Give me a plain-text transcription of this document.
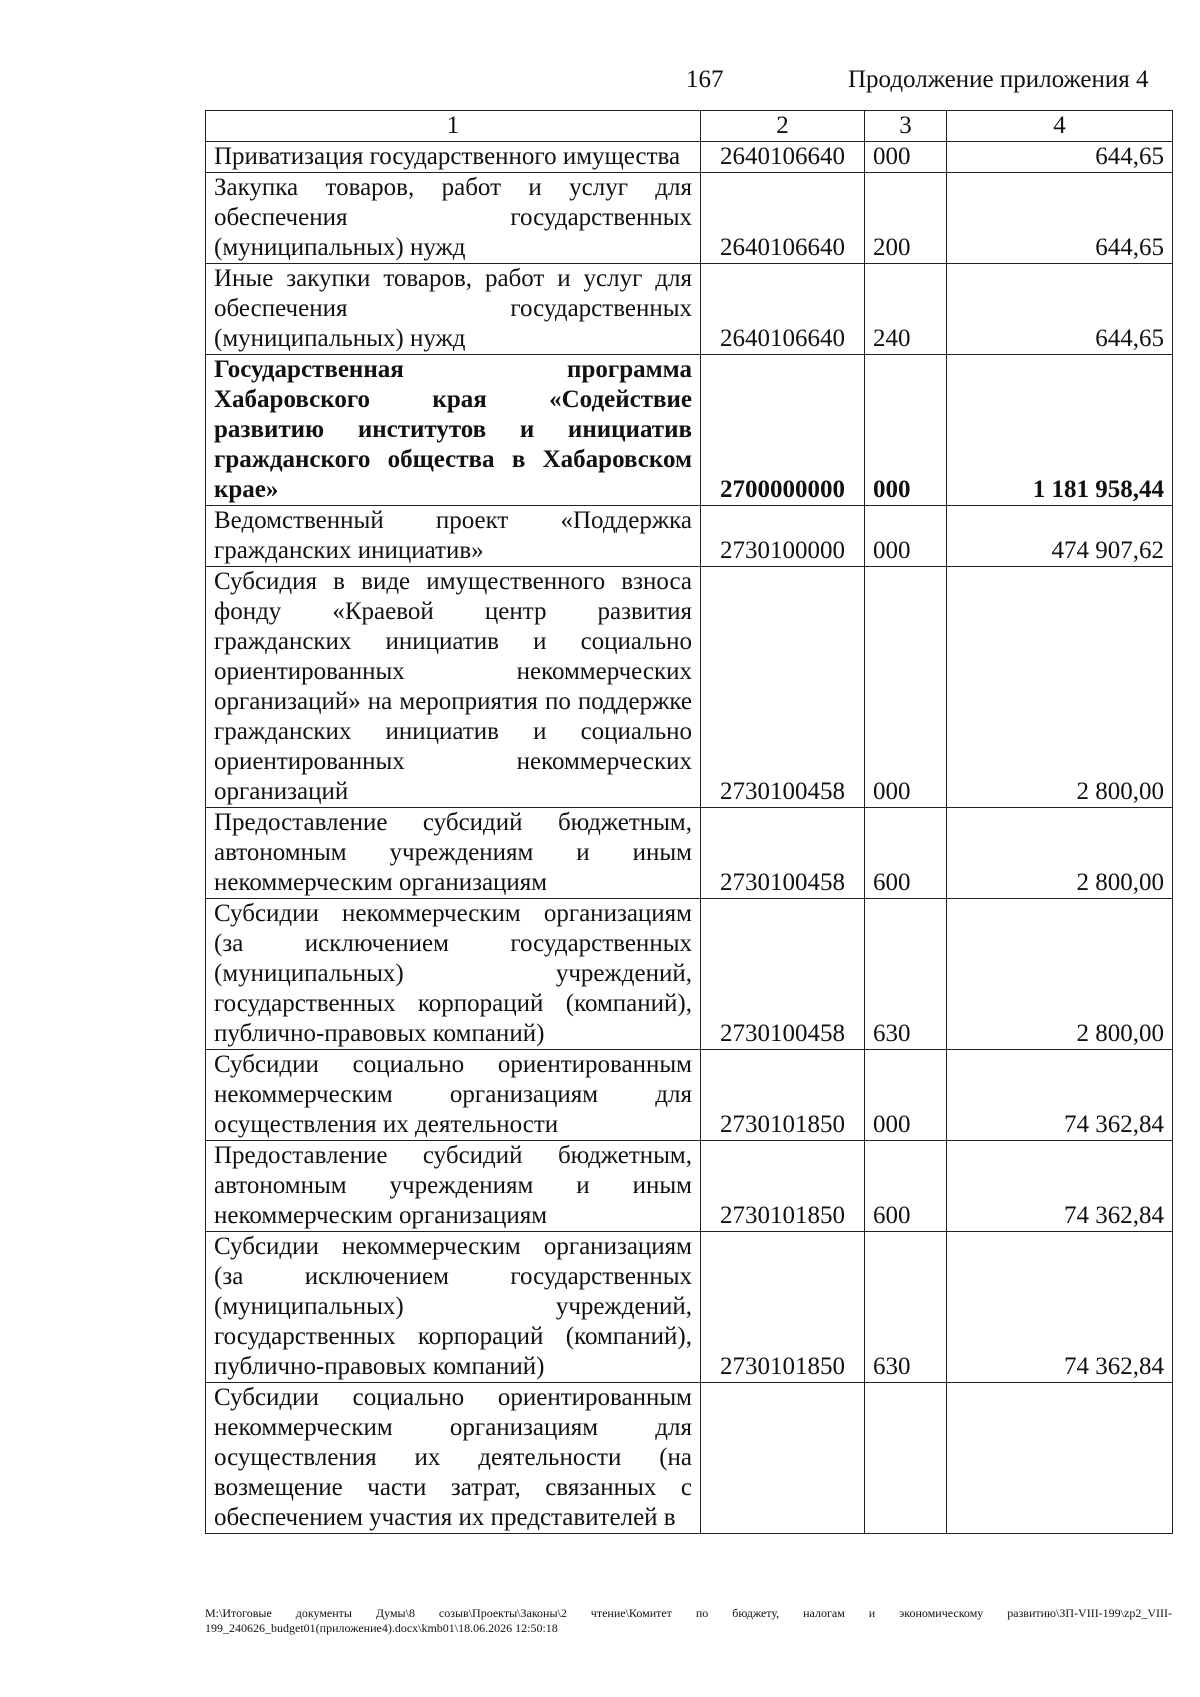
167	Продолжение приложения 4
1	2	3	4
Приватизация государственного имущества	2640106640	000	644,65
Закупка товаров, работ и услуг для обеспечения государственных (муниципальных) нужд	2640106640	200	644,65
Иные закупки товаров, работ и услуг для обеспечения государственных (муниципальных) нужд	2640106640	240	644,65
Государственная программа Хабаровского края «Содействие развитию институтов и инициатив гражданского общества в Хабаровском крае»	2700000000	000	1 181 958,44
Ведомственный проект «Поддержка гражданских инициатив»	2730100000	000	474 907,62
Субсидия в виде имущественного взноса фонду «Краевой центр развития гражданских инициатив и социально ориентированных некоммерческих организаций» на мероприятия по поддержке гражданских инициатив и социально ориентированных некоммерческих организаций	2730100458	000	2 800,00
Предоставление субсидий бюджетным, автономным учреждениям и иным некоммерческим организациям	2730100458	600	2 800,00
Субсидии некоммерческим организациям (за исключением государственных (муниципальных) учреждений, государственных корпораций (компаний), публично-правовых компаний)	2730100458	630	2 800,00
Субсидии социально ориентированным некоммерческим организациям для осуществления их деятельности	2730101850	000	74 362,84
Предоставление субсидий бюджетным, автономным учреждениям и иным некоммерческим организациям	2730101850	600	74 362,84
Субсидии некоммерческим организациям (за исключением государственных (муниципальных) учреждений, государственных корпораций (компаний), публично-правовых компаний)	2730101850	630	74 362,84
Субсидии социально ориентированным некоммерческим организациям для осуществления их деятельности (на возмещение части затрат, связанных с обеспечением участия их представителей в			
M:\Итоговые документы Думы\8 созыв\Проекты\Законы\2 чтение\Комитет по бюджету, налогам и экономическому развитию\ЗП-VIII-199\zp2_VIII-199_240626_budget01(приложение4).docx\kmb01\18.06.2026 12:50:18
